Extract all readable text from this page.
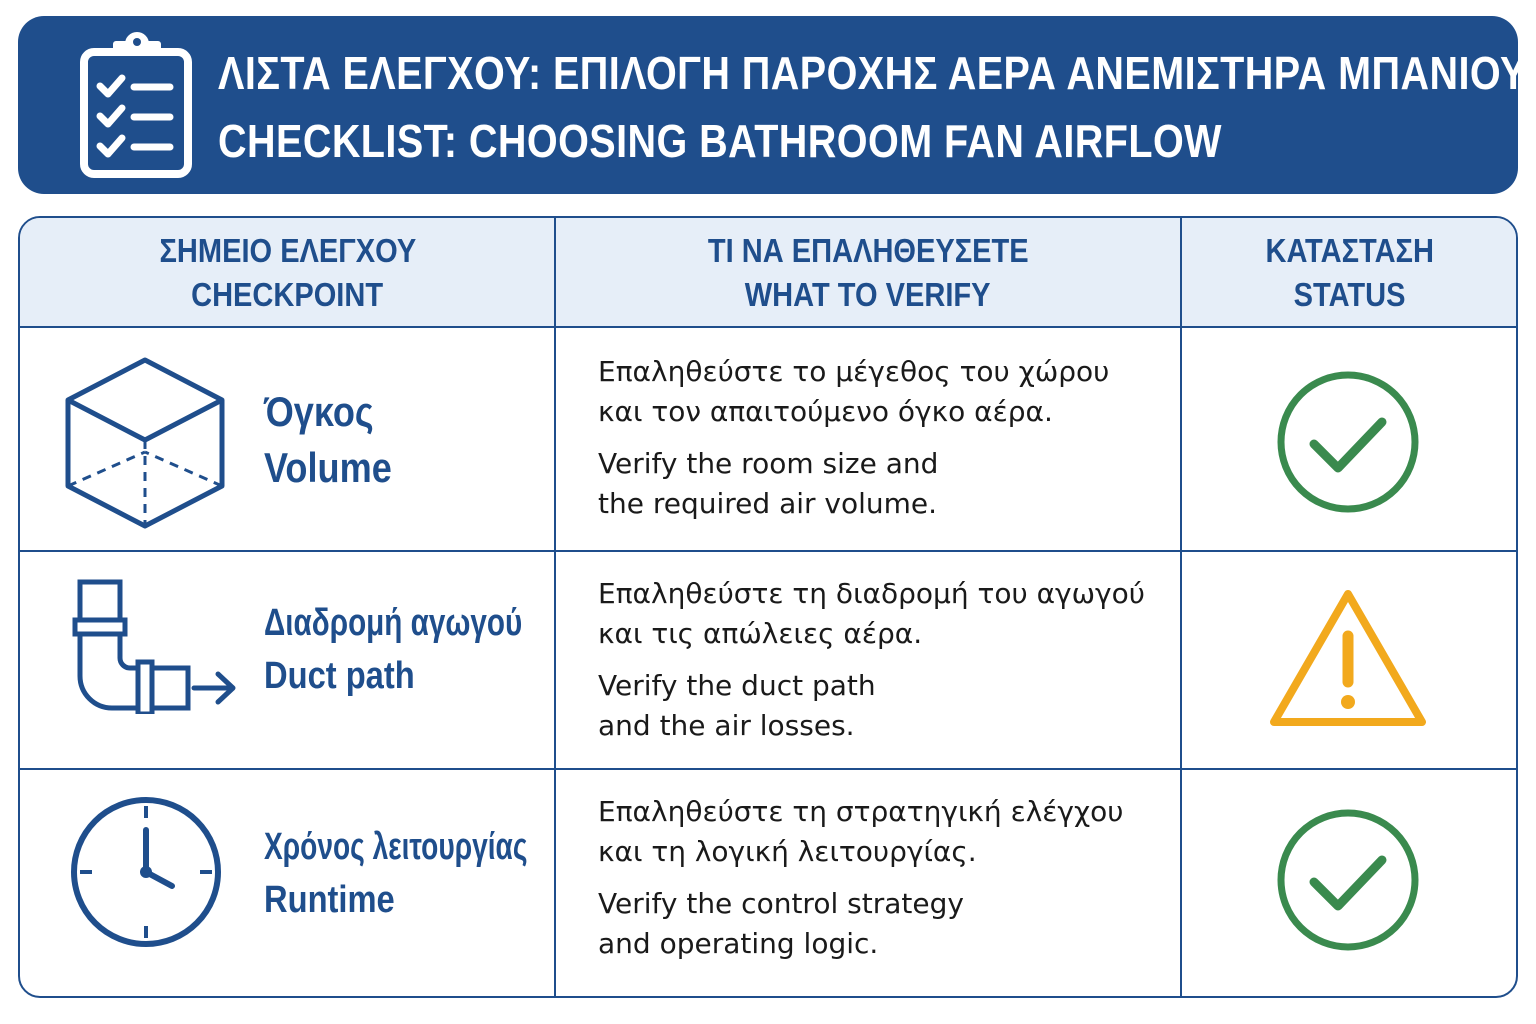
ΛΙΣΤΑ ΕΛΕΓΧΟΥ: ΕΠΙΛΟΓΗ ΠΑΡΟΧΗΣ ΑΕΡΑ ΑΝΕΜΙΣΤΗΡΑ ΜΠΑΝΙΟΥ
CHECKLIST: CHOOSING BATHROOM FAN AIRFLOW
ΣΗΜΕΙΟ ΕΛΕΓΧΟΥ
CHECKPOINT
ΤΙ ΝΑ ΕΠΑΛΗΘΕΥΣΕΤΕ
WHAT TO VERIFY
ΚΑΤΑΣΤΑΣΗ
STATUS
Όγκος
Volume

Επαληθεύστε το μέγεθος του χώρου

και τον απαιτούμενο όγκο αέρα.

Verify the room size and

the required air volume.

Διαδρομή αγωγού
Duct path

Επαληθεύστε τη διαδρομή του αγωγού

και τις απώλειες αέρα.

Verify the duct path

and the air losses.

Χρόνος λειτουργίας
Runtime

Επαληθεύστε τη στρατηγική ελέγχου

και τη λογική λειτουργίας.

Verify the control strategy

and operating logic.
